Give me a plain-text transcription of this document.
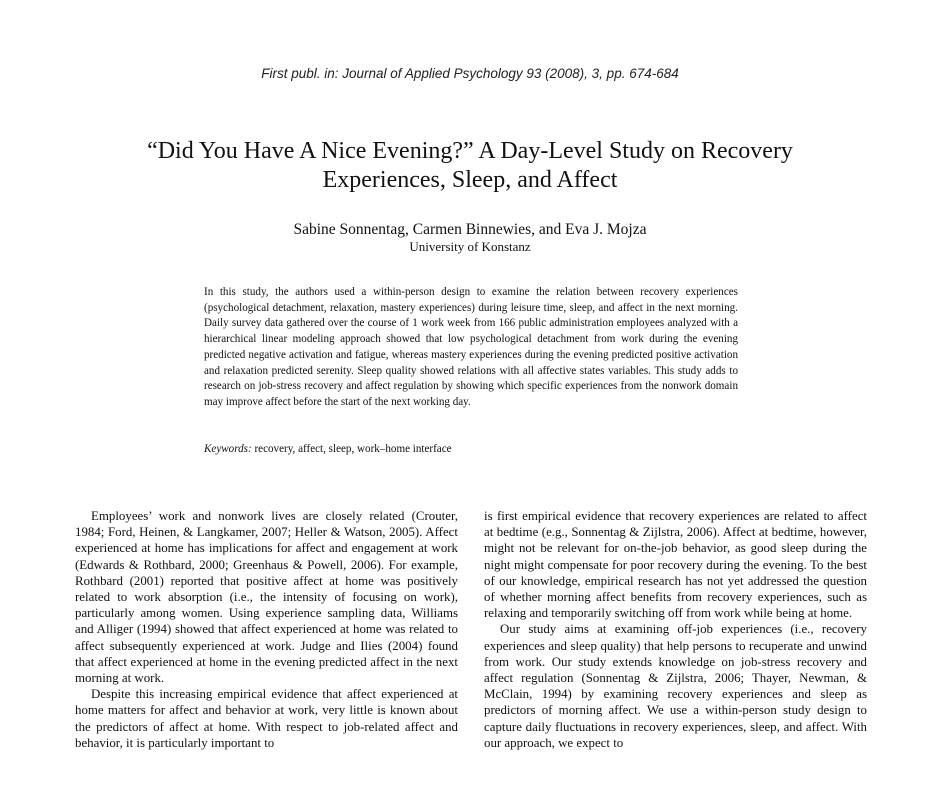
First publ. in: Journal of Applied Psychology 93 (2008), 3, pp. 674-684
“Did You Have A Nice Evening?” A Day-Level Study on Recovery Experiences, Sleep, and Affect
Sabine Sonnentag, Carmen Binnewies, and Eva J. Mojza
University of Konstanz

In this study, the authors used a within-person design to examine the relation between recovery experiences (psychological detachment, relaxation, mastery experiences) during leisure time, sleep, and affect in the next morning. Daily survey data gathered over the course of 1 work week from 166 public administration employees analyzed with a hierarchical linear modeling approach showed that low psychological detachment from work during the evening predicted negative activation and fatigue, whereas mastery experiences during the evening predicted positive activation and relaxation predicted serenity. Sleep quality showed relations with all affective states variables. This study adds to research on job-stress recovery and affect regulation by showing which specific experiences from the nonwork domain may improve affect before the start of the next working day.

Keywords: recovery, affect, sleep, work–home interface

Employees’ work and nonwork lives are closely related (Crouter, 1984; Ford, Heinen, & Langkamer, 2007; Heller & Watson, 2005). Affect experienced at home has implications for affect and engagement at work (Edwards & Rothbard, 2000; Greenhaus & Powell, 2006). For example, Rothbard (2001) reported that positive affect at home was positively related to work absorption (i.e., the intensity of focusing on work), particularly among women. Using experience sampling data, Williams and Alliger (1994) showed that affect experienced at home was related to affect subsequently experienced at work. Judge and Ilies (2004) found that affect experienced at home in the evening predicted affect in the next morning at work.

Despite this increasing empirical evidence that affect experienced at home matters for affect and behavior at work, very little is known about the predictors of affect at home. With respect to job-related affect and behavior, it is particularly important to

is first empirical evidence that recovery experiences are related to affect at bedtime (e.g., Sonnentag & Zijlstra, 2006). Affect at bedtime, however, might not be relevant for on-the-job behavior, as good sleep during the night might compensate for poor recovery during the evening. To the best of our knowledge, empirical research has not yet addressed the question of whether morning affect benefits from recovery experiences, such as relaxing and temporarily switching off from work while being at home.

Our study aims at examining off-job experiences (i.e., recovery experiences and sleep quality) that help persons to recuperate and unwind from work. Our study extends knowledge on job-stress recovery and affect regulation (Sonnentag & Zijlstra, 2006; Thayer, Newman, & McClain, 1994) by examining recovery experiences and sleep as predictors of morning affect. We use a within-person study design to capture daily fluctuations in recovery experiences, sleep, and affect. With our approach, we expect to
